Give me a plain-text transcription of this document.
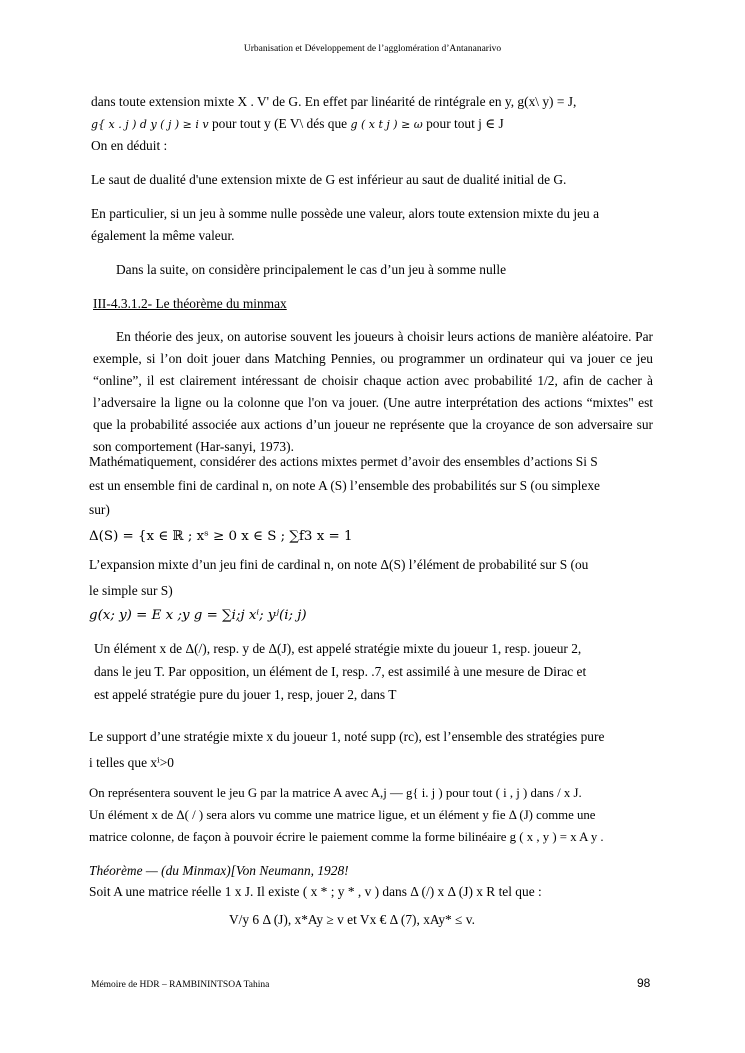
Urbanisation et Développement de l’agglomération d’Antananarivo

dans toute extension mixte X . V' de G. En effet par linéarité de rintégrale en y, g(x\ y) = J,

g{ x . j ) d y ( j ) ≥ i v pour tout y (E V\ dés que g ( x t j ) ≥ ω pour tout j ∈ J

On en déduit :

Le saut de dualité d'une extension mixte de G est inférieur au saut de dualité initial de G.

En particulier, si un jeu à somme nulle possède une valeur, alors toute extension mixte du jeu a également la même valeur.

Dans la suite, on considère principalement le cas d’un jeu à somme nulle

III-4.3.1.2- Le théorème du minmax

En théorie des jeux, on autorise souvent les joueurs à choisir leurs actions de manière aléatoire. Par exemple, si l’on doit jouer dans Matching Pennies, ou programmer un ordinateur qui va jouer ce jeu “online”, il est clairement intéressant de choisir chaque action avec probabilité 1/2, afin de cacher à l’adversaire la ligne ou la colonne que l'on va jouer. (Une autre interprétation des actions “mixtes" est que la probabilité associée aux actions d’un joueur ne représente que la croyance de son adversaire sur son comportement (Har-sanyi, 1973).

Mathématiquement, considérer des actions mixtes permet d’avoir des ensembles d’actions Si S

est un ensemble fini de cardinal n, on note A (S) l’ensemble des probabilités sur S (ou simplexe

sur)

Δ(S) = {x ∈ ℝ ; xˢ ≥ 0 x ∈ S ; ∑f3 x = 1

L’expansion mixte d’un jeu fini de cardinal n, on note Δ(S) l’élément de probabilité sur S (ou

le simple sur S)

g(x; y) = E x ;y g = ∑i;j xⁱ; yʲ(i; j)

Un élément x de Δ(/), resp. y de Δ(J), est appelé stratégie mixte du joueur 1, resp. joueur 2,

dans le jeu T. Par opposition, un élément de I, resp. .7, est assimilé à une mesure de Dirac et

est appelé stratégie pure du jouer 1, resp, jouer 2, dans T

Le support d’une stratégie mixte x du joueur 1, noté supp (rc), est l’ensemble des stratégies pure

i telles que xⁱ>0

On représentera souvent le jeu G par la matrice A avec A,j — g{ i. j ) pour tout ( i , j ) dans / x J.

Un élément x de Δ( / ) sera alors vu comme une matrice ligue, et un élément y fie Δ (J) comme une

matrice colonne, de façon à pouvoir écrire le paiement comme la forme bilinéaire g ( x , y ) = x A y .

Théorème — (du Minmax)[Von Neumann, 1928!

Soit A une matrice réelle 1 x J. Il existe ( x * ; y * , v ) dans Δ (/) x Δ (J) x R tel que :

V/y 6 Δ (J), x*Ay ≥ v et Vx € Δ (7), xAy* ≤ v.

Mémoire de HDR – RAMBININTSOA Tahina	98
